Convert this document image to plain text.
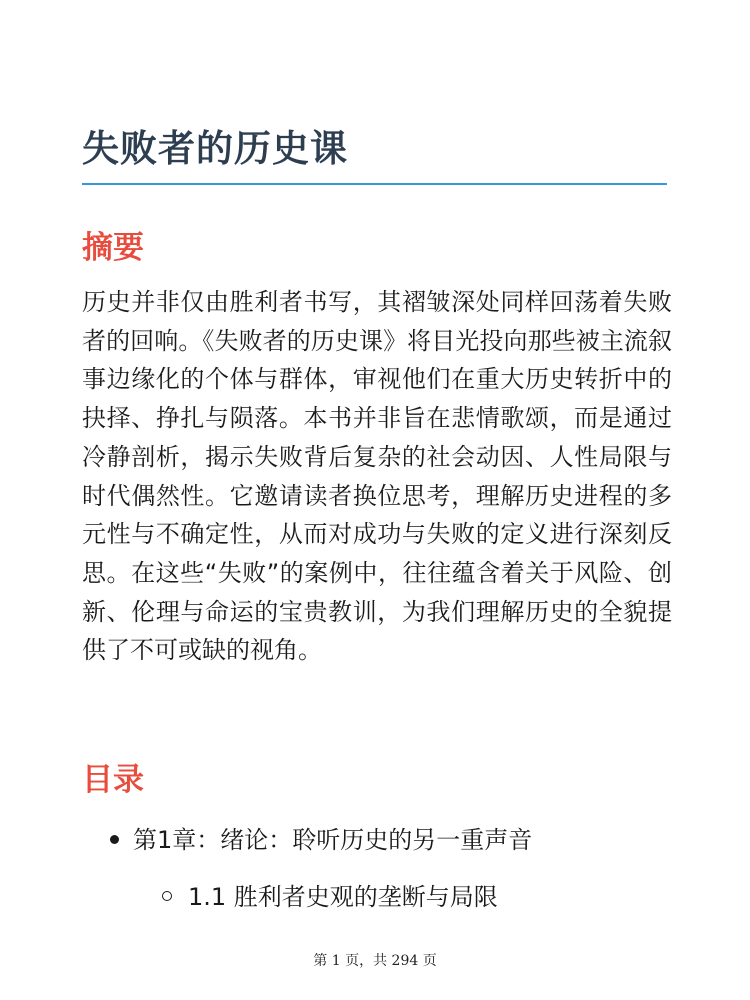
失败者的历史课
摘要

历史并非仅由胜利者书写，其褶皱深处同样回荡着失败者的回响。《失败者的历史课》将目光投向那些被主流叙事边缘化的个体与群体，审视他们在重大历史转折中的抉择、挣扎与陨落。本书并非旨在悲情歌颂，而是通过冷静剖析，揭示失败背后复杂的社会动因、人性局限与时代偶然性。它邀请读者换位思考，理解历史进程的多元性与不确定性，从而对成功与失败的定义进行深刻反思。在这些“失败”的案例中，往往蕴含着关于风险、创新、伦理与命运的宝贵教训，为我们理解历史的全貌提供了不可或缺的视角。

目录
第1章：绪论：聆听历史的另一重声音
1.1 胜利者史观的垄断与局限
第 1 页，共 294 页
